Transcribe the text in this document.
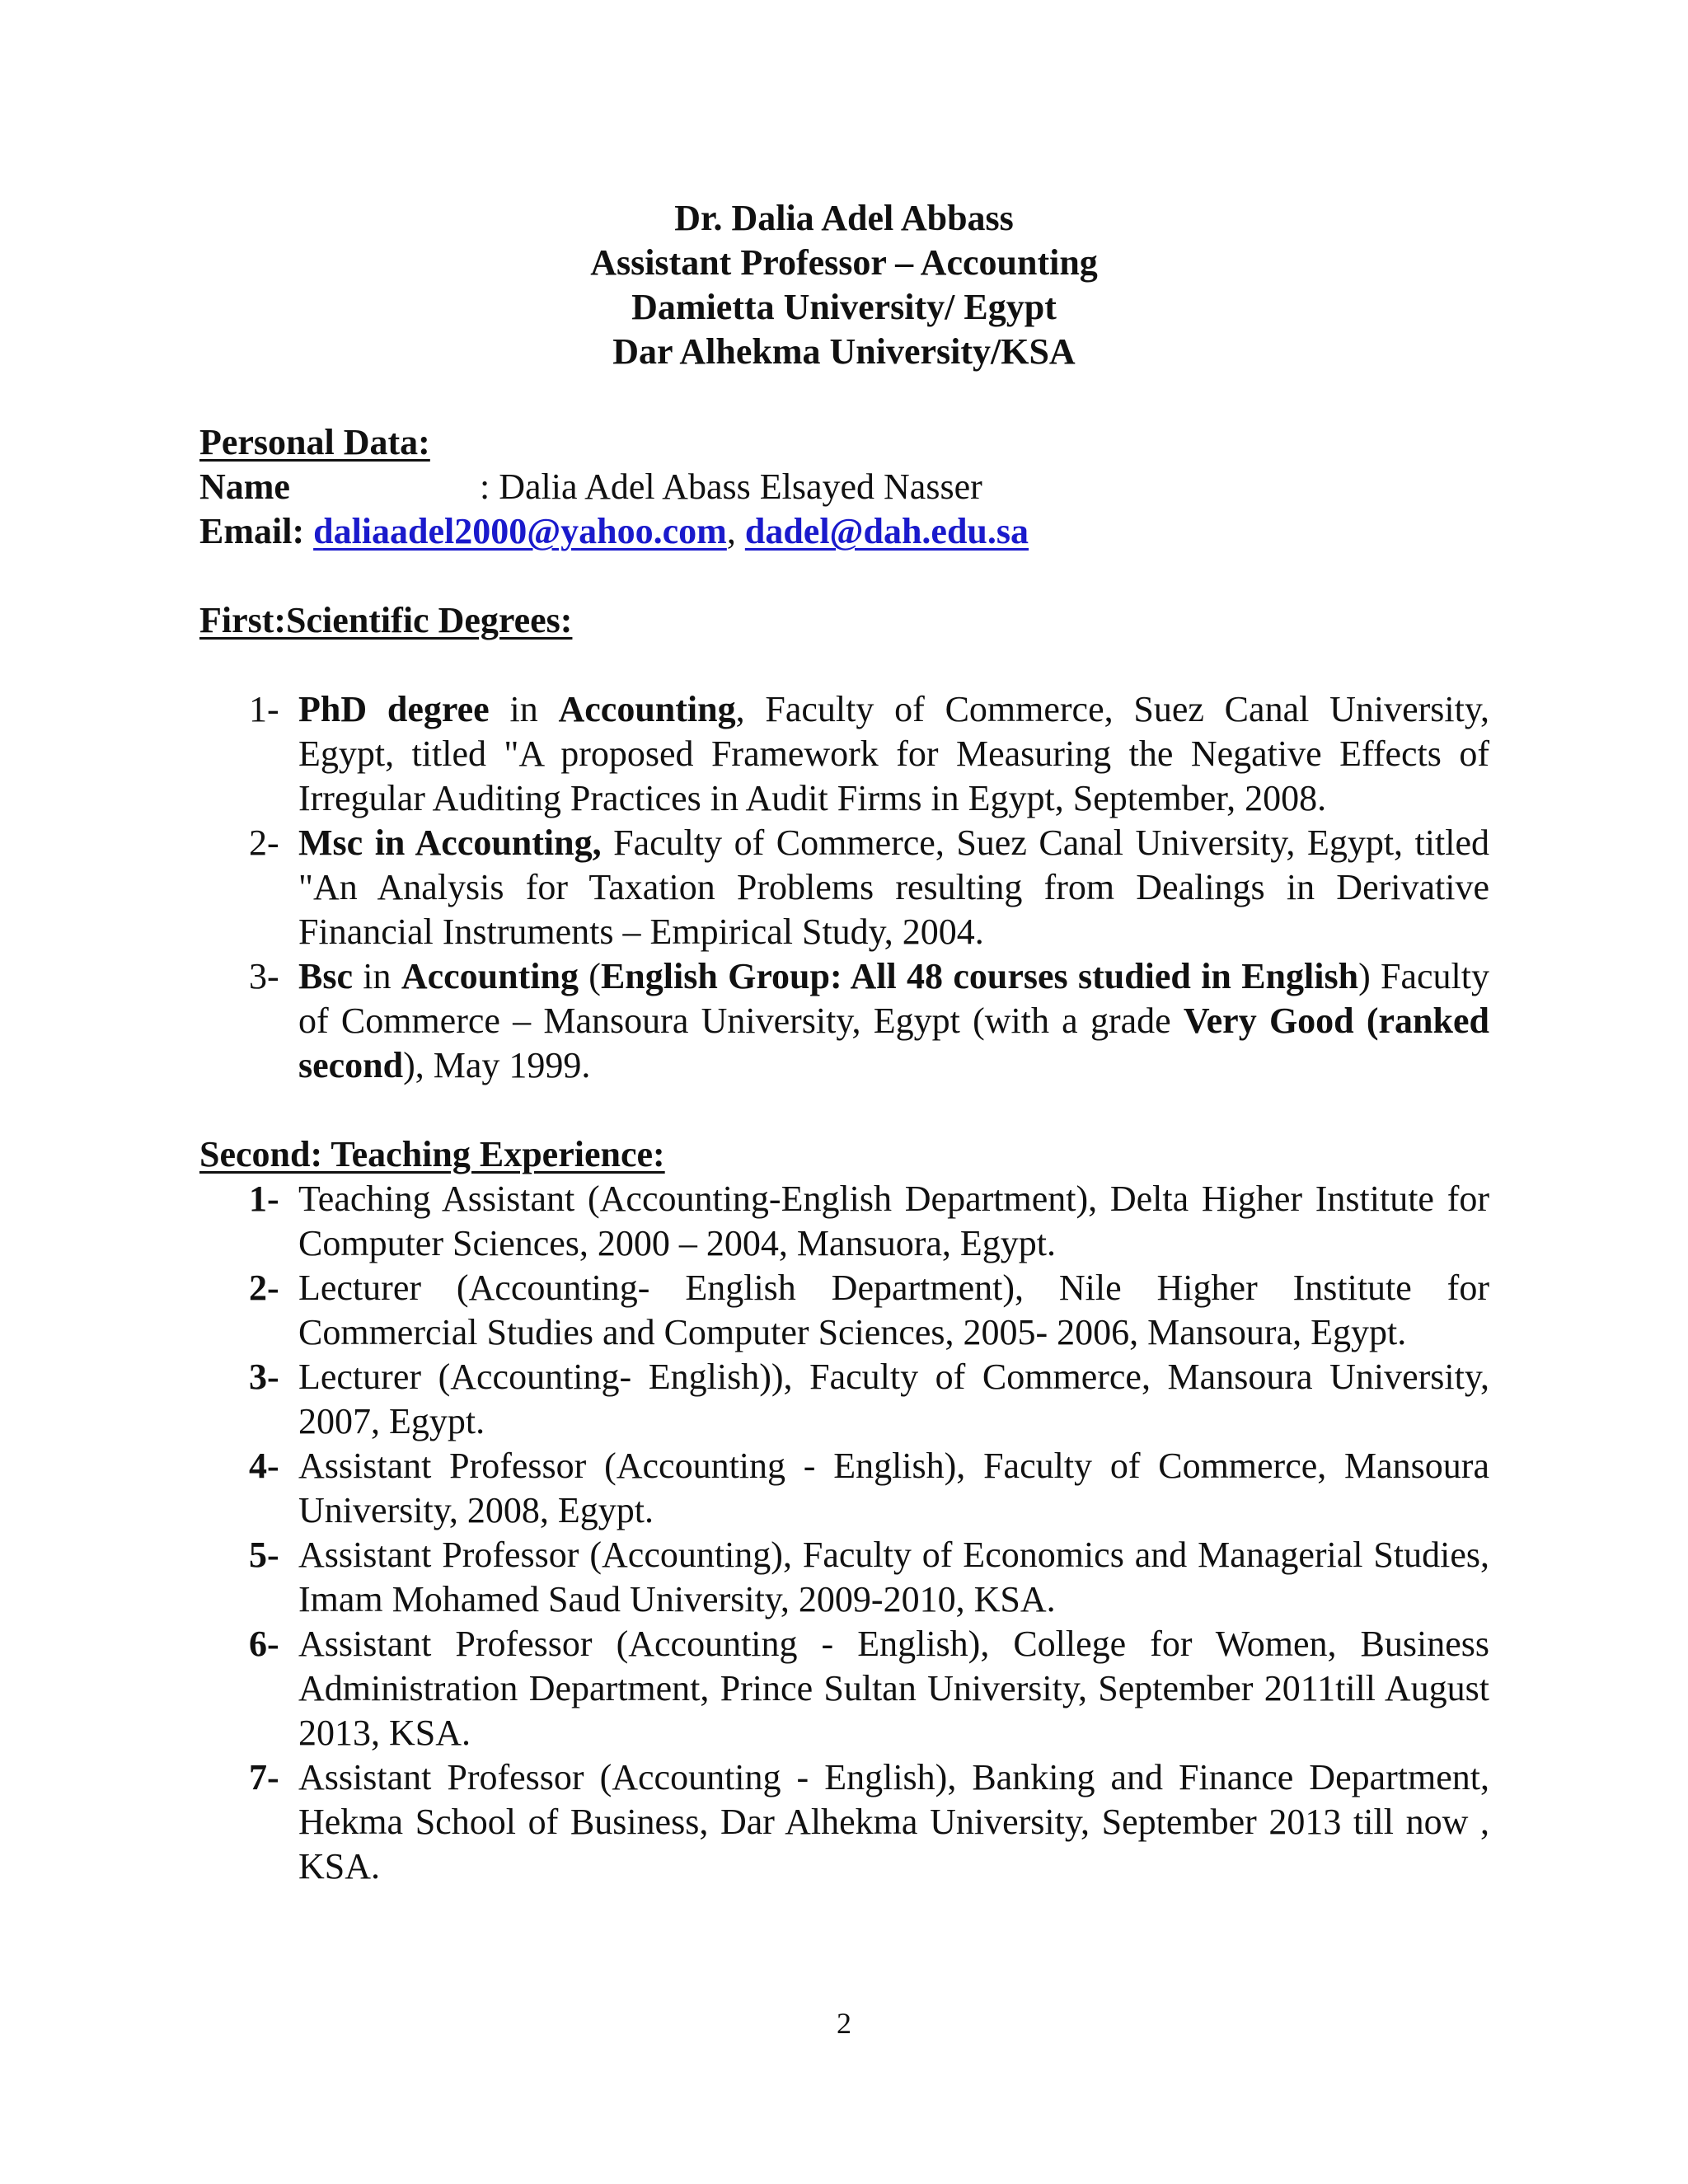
Dr. Dalia Adel Abbass
Assistant Professor – Accounting
Damietta University/ Egypt
Dar Alhekma University/KSA
Personal Data:
Name	: Dalia Adel Abass Elsayed Nasser
Email: daliaadel2000@yahoo.com, dadel@dah.edu.sa
First:Scientific Degrees:
1- PhD degree in Accounting, Faculty of Commerce, Suez Canal University, Egypt, titled "A proposed Framework for Measuring the Negative Effects of Irregular Auditing Practices in Audit Firms in Egypt, September, 2008.
2- Msc in Accounting, Faculty of Commerce, Suez Canal University, Egypt, titled "An Analysis for Taxation Problems resulting from Dealings in Derivative Financial Instruments – Empirical Study, 2004.
3- Bsc in Accounting (English Group: All 48 courses studied in English) Faculty of Commerce – Mansoura University, Egypt (with a grade Very Good (ranked second), May 1999.
Second: Teaching Experience:
1- Teaching Assistant (Accounting-English Department), Delta Higher Institute for Computer Sciences, 2000 – 2004, Mansuora, Egypt.
2- Lecturer (Accounting- English Department), Nile Higher Institute for Commercial Studies and Computer Sciences, 2005- 2006, Mansoura, Egypt.
3- Lecturer (Accounting- English)), Faculty of Commerce, Mansoura University, 2007, Egypt.
4- Assistant Professor (Accounting - English), Faculty of Commerce, Mansoura University, 2008, Egypt.
5- Assistant Professor (Accounting), Faculty of Economics and Managerial Studies, Imam Mohamed Saud University, 2009-2010, KSA.
6- Assistant Professor (Accounting - English), College for Women, Business Administration Department, Prince Sultan University, September 2011till August 2013, KSA.
7- Assistant Professor (Accounting - English), Banking and Finance Department, Hekma School of Business, Dar Alhekma University, September 2013 till now , KSA.
2
